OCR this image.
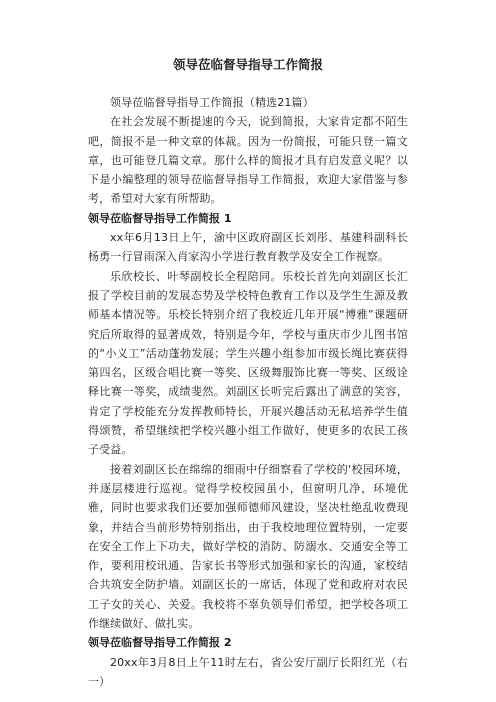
领导莅临督导指导工作简报

领导莅临督导指导工作简报（精选21篇）

在社会发展不断提速的今天，说到简报，大家肯定都不陌生吧，简报不是一种文章的体裁。因为一份简报，可能只登一篇文章，也可能登几篇文章。那什么样的简报才具有启发意义呢？以下是小编整理的领导莅临督导指导工作简报，欢迎大家借鉴与参考，希望对大家有所帮助。

领导莅临督导指导工作简报 1

xx年6月13日上午，渝中区政府副区长刘彤、基建科副科长杨勇一行冒雨深入肖家沟小学进行教育教学及安全工作视察。

乐欣校长、叶琴副校长全程陪同。乐校长首先向刘副区长汇报了学校目前的发展态势及学校特色教育工作以及学生生源及教师基本情况等。乐校长特别介绍了我校近几年开展“博雅”课题研究后所取得的显著成效，特别是今年，学校与重庆市少儿图书馆的“小义工”活动蓬勃发展；学生兴趣小组参加市级长绳比赛获得第四名，区级合唱比赛一等奖、区级舞服饰比赛一等奖、区级诠释比赛一等奖，成绩斐然。刘副区长听完后露出了满意的笑容，肯定了学校能充分发挥教师特长，开展兴趣活动无私培养学生值得颂赞，希望继续把学校兴趣小组工作做好，使更多的农民工孩子受益。

接着刘副区长在绵绵的细雨中仔细察看了学校的'校园环境，并逐层楼进行巡视。觉得学校校园虽小，但窗明几净，环境优雅，同时也要求我们还要加强师德师风建设，坚决杜绝乱收费现象，并结合当前形势特别指出，由于我校地理位置特别，一定要在安全工作上下功夫，做好学校的消防、防溺水、交通安全等工作，要利用校讯通、告家长书等形式加强和家长的沟通，家校结合共筑安全防护墙。刘副区长的一席话，体现了党和政府对农民工子女的关心、关爱。我校将不辜负领导们希望，把学校各项工作继续做好、做扎实。

领导莅临督导指导工作简报 2

20xx年3月8日上午11时左右，省公安厅副厅长阳红光（右一）
